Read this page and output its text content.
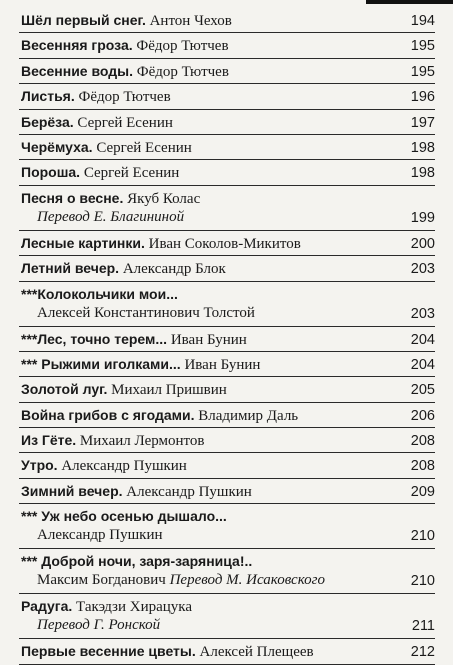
Шёл первый снег. Антон Чехов	194
Весенняя гроза. Фёдор Тютчев	195
Весенние воды. Фёдор Тютчев	195
Листья. Фёдор Тютчев	196
Берёза. Сергей Есенин	197
Черёмуха. Сергей Есенин	198
Пороша. Сергей Есенин	198
Песня о весне. Якуб Колас
Перевод Е. Благининой	199
Лесные картинки. Иван Соколов-Микитов	200
Летний вечер. Александр Блок	203
***Колокольчики мои...
Алексей Константинович Толстой	203
***Лес, точно терем... Иван Бунин	204
*** Рыжими иголками... Иван Бунин	204
Золотой луг. Михаил Пришвин	205
Война грибов с ягодами. Владимир Даль	206
Из Гёте. Михаил Лермонтов	208
Утро. Александр Пушкин	208
Зимний вечер. Александр Пушкин	209
*** Уж небо осенью дышало...
Александр Пушкин	210
*** Доброй ночи, заря-заряница!..
Максим Богданович Перевод М. Исаковского	210
Радуга. Такэдзи Хирацука
Перевод Г. Ронской	211
Первые весенние цветы. Алексей Плещеев	212
